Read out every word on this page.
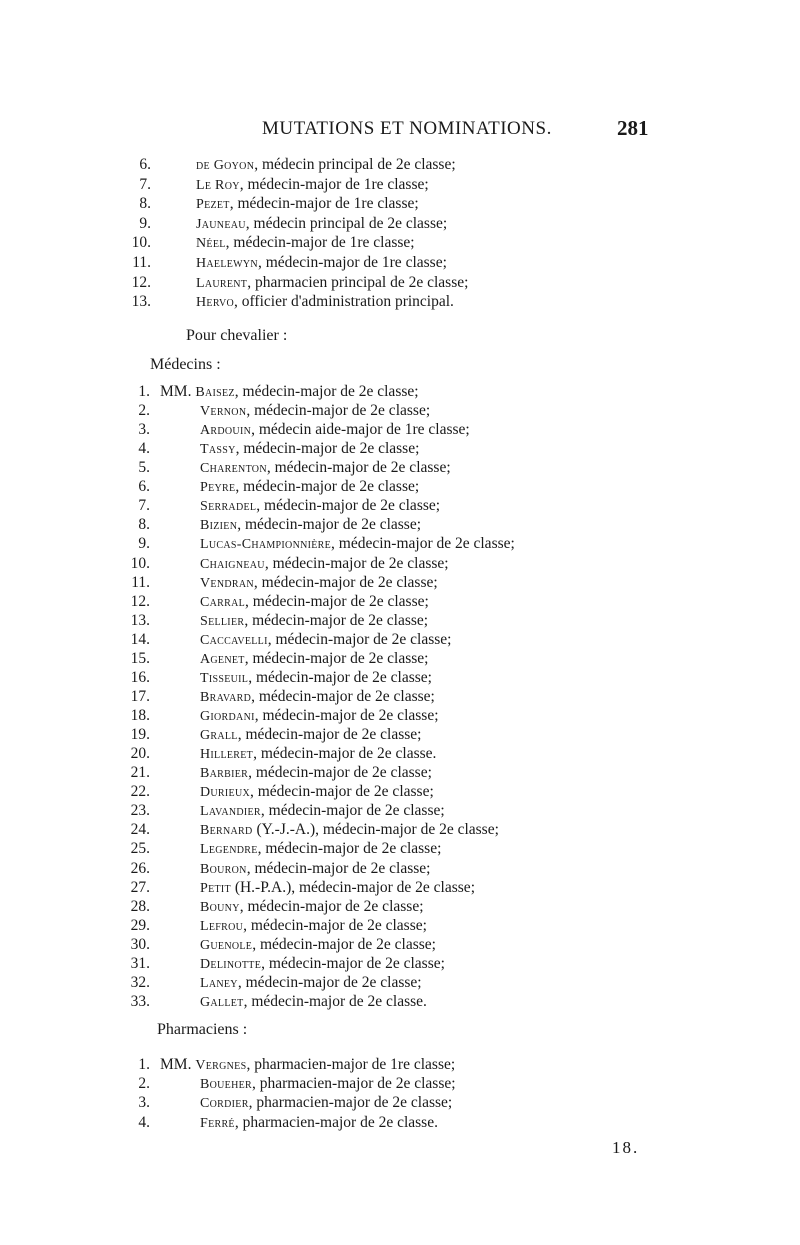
MUTATIONS ET NOMINATIONS.	281
6.	de Goyon, médecin principal de 2e classe;
7.	Le Roy, médecin-major de 1re classe;
8.	Pezet, médecin-major de 1re classe;
9.	Jauneau, médecin principal de 2e classe;
10.	Néel, médecin-major de 1re classe;
11.	Haelewyn, médecin-major de 1re classe;
12.	Laurent, pharmacien principal de 2e classe;
13.	Hervo, officier d'administration principal.
Pour chevalier :
Médecins :
1. MM. Baisez, médecin-major de 2e classe;
2.	Vernon, médecin-major de 2e classe;
3.	Ardouin, médecin aide-major de 1re classe;
4.	Tassy, médecin-major de 2e classe;
5.	Charenton, médecin-major de 2e classe;
6.	Peyre, médecin-major de 2e classe;
7.	Serradel, médecin-major de 2e classe;
8.	Bizien, médecin-major de 2e classe;
9.	Lucas-Championnière, médecin-major de 2e classe;
10.	Chaigneau, médecin-major de 2e classe;
11.	Vendran, médecin-major de 2e classe;
12.	Carral, médecin-major de 2e classe;
13.	Sellier, médecin-major de 2e classe;
14.	Caccavelli, médecin-major de 2e classe;
15.	Agenet, médecin-major de 2e classe;
16.	Tisseuil, médecin-major de 2e classe;
17.	Bravard, médecin-major de 2e classe;
18.	Giordani, médecin-major de 2e classe;
19.	Grall, médecin-major de 2e classe;
20.	Hilleret, médecin-major de 2e classe.
21.	Barbier, médecin-major de 2e classe;
22.	Durieux, médecin-major de 2e classe;
23.	Lavandier, médecin-major de 2e classe;
24.	Bernard (Y.-J.-A.), médecin-major de 2e classe;
25.	Legendre, médecin-major de 2e classe;
26.	Bouron, médecin-major de 2e classe;
27.	Petit (H.-P.A.), médecin-major de 2e classe;
28.	Bouny, médecin-major de 2e classe;
29.	Lefrou, médecin-major de 2e classe;
30.	Guenole, médecin-major de 2e classe;
31.	Delinotte, médecin-major de 2e classe;
32.	Laney, médecin-major de 2e classe;
33.	Gallet, médecin-major de 2e classe.
Pharmaciens :
1. MM. Vergnes, pharmacien-major de 1re classe;
2.	Boueher, pharmacien-major de 2e classe;
3.	Cordier, pharmacien-major de 2e classe;
4.	Ferré, pharmacien-major de 2e classe.
18.
